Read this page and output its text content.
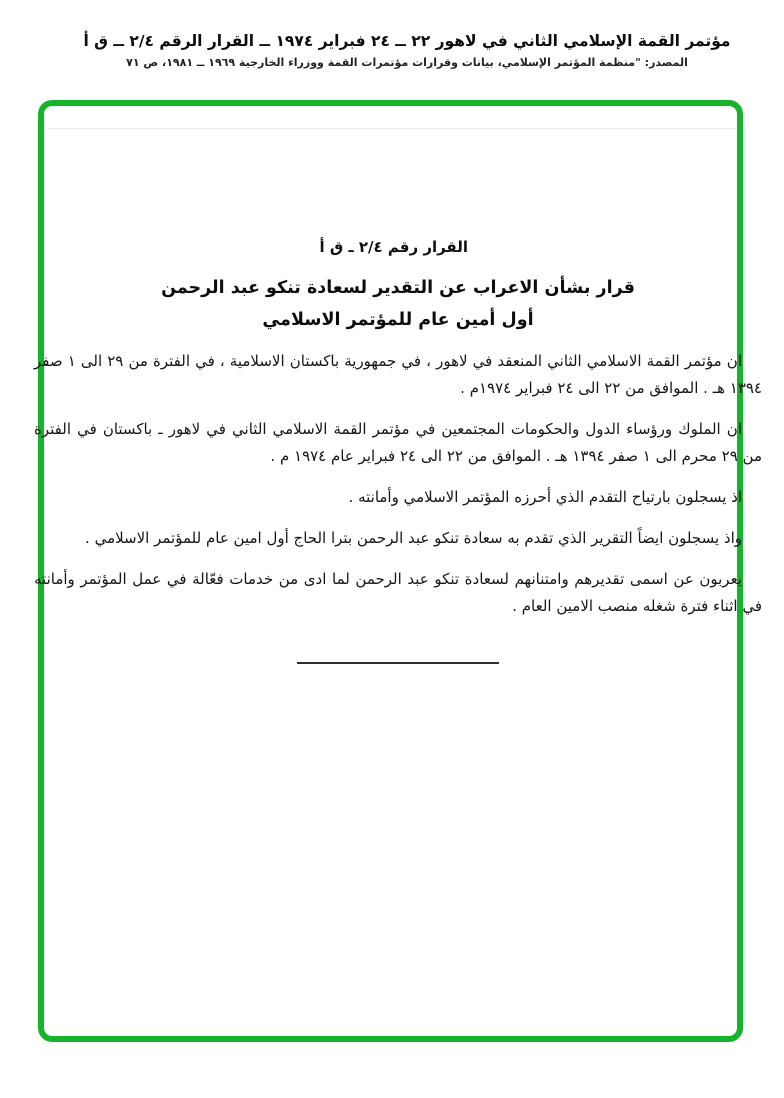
مؤتمر القمة الإسلامي الثاني في لاهور ٢٢ ــ ٢٤ فبراير ١٩٧٤ ــ القرار الرقم ٢/٤ ــ ق أ
المصدر: "منظمة المؤتمر الإسلامي، بيانات وقرارات مؤتمرات القمة ووزراء الخارجية ١٩٦٩ ــ ١٩٨١، ص ٧١
القرار رقم ٢/٤ ـ ق أ
قرار بشأن الاعراب عن التقدير لسعادة تنكو عبد الرحمن
أول أمين عام للمؤتمر الاسلامي

ان مؤتمر القمة الاسلامي الثاني المنعقد في لاهور ، في جمهورية باكستان الاسلامية ، في الفترة من ٢٩ الى ١ صفر ١٣٩٤ هـ . الموافق من ٢٢ الى ٢٤ فبراير ١٩٧٤م .

ان الملوك ورؤساء الدول والحكومات المجتمعين في مؤتمر القمة الاسلامي الثاني في لاهور ـ باكستان في الفترة من ٢٩ محرم الى ١ صفر ١٣٩٤ هـ . الموافق من ٢٢ الى ٢٤ فبراير عام ١٩٧٤ م .

اذ يسجلون بارتياح التقدم الذي أحرزه المؤتمر الاسلامي وأمانته .

واذ يسجلون ايضاً التقرير الذي تقدم به سعادة تنكو عبد الرحمن بترا الحاج أول امين عام للمؤتمر الاسلامي .

يعربون عن اسمى تقديرهم وامتنانهم لسعادة تنكو عبد الرحمن لما ادى من خدمات فعّالة في عمل المؤتمر وأمانته في اثناء فترة شغله منصب الامين العام .
